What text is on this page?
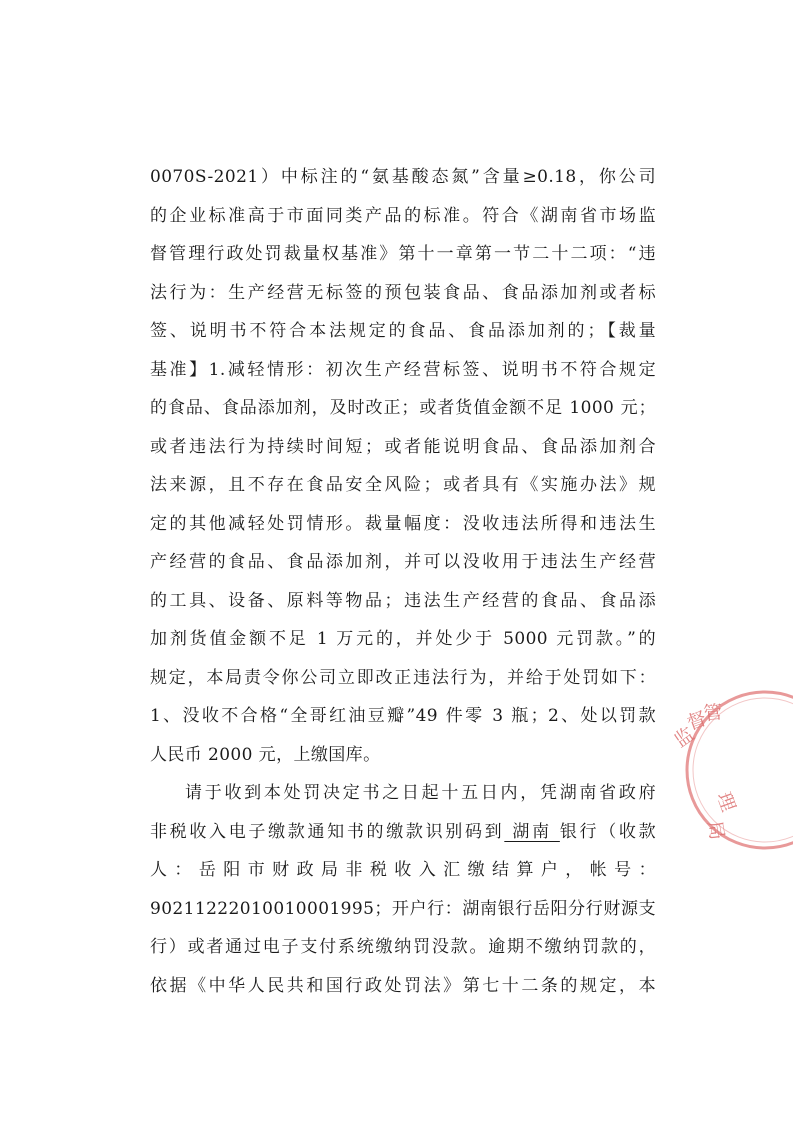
0070S-2021）中标注的“氨基酸态氮”含量≥0.18，你公司
的企业标准高于市面同类产品的标准。符合《湖南省市场监
督管理行政处罚裁量权基准》第十一章第一节二十二项：“违
法行为：生产经营无标签的预包装食品、食品添加剂或者标
签、说明书不符合本法规定的食品、食品添加剂的；【裁量
基准】1.减轻情形：初次生产经营标签、说明书不符合规定
的食品、食品添加剂，及时改正；或者货值金额不足 1000 元；
或者违法行为持续时间短；或者能说明食品、食品添加剂合
法来源，且不存在食品安全风险；或者具有《实施办法》规
定的其他减轻处罚情形。裁量幅度：没收违法所得和违法生
产经营的食品、食品添加剂，并可以没收用于违法生产经营
的工具、设备、原料等物品；违法生产经营的食品、食品添
加剂货值金额不足 1 万元的，并处少于 5000 元罚款。”的
规定，本局责令你公司立即改正违法行为，并给于处罚如下：
1、没收不合格“全哥红油豆瓣”49 件零 3 瓶；2、处以罚款
人民币 2000 元，上缴国库。
请于收到本处罚决定书之日起十五日内，凭湖南省政府
非税收入电子缴款通知书的缴款识别码到 湖南 银行（收款
人：岳阳市财政局非税收入汇缴结算户，帐号：
90211222010010001995；开户行：湖南银行岳阳分行财源支
行）或者通过电子支付系统缴纳罚没款。逾期不缴纳罚款的，
依据《中华人民共和国行政处罚法》第七十二条的规定，本
监
督
管
理
局
